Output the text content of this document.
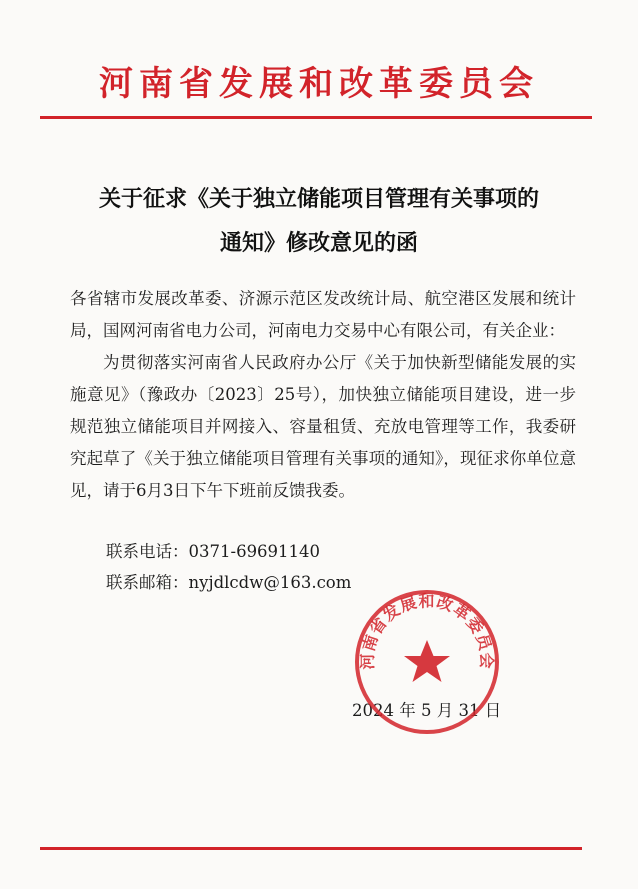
河南省发展和改革委员会
关于征求《关于独立储能项目管理有关事项的
通知》修改意见的函

各省辖市发展改革委、济源示范区发改统计局、航空港区发展和统计局，国网河南省电力公司，河南电力交易中心有限公司，有关企业：

为贯彻落实河南省人民政府办公厅《关于加快新型储能发展的实施意见》（豫政办〔2023〕25号），加快独立储能项目建设，进一步规范独立储能项目并网接入、容量租赁、充放电管理等工作，我委研究起草了《关于独立储能项目管理有关事项的通知》，现征求你单位意见，请于6月3日下午下班前反馈我委。

联系电话：0371-69691140
联系邮箱：nyjdlcdw@163.com
2024 年 5 月 31 日
河南省发展和改革委员会
